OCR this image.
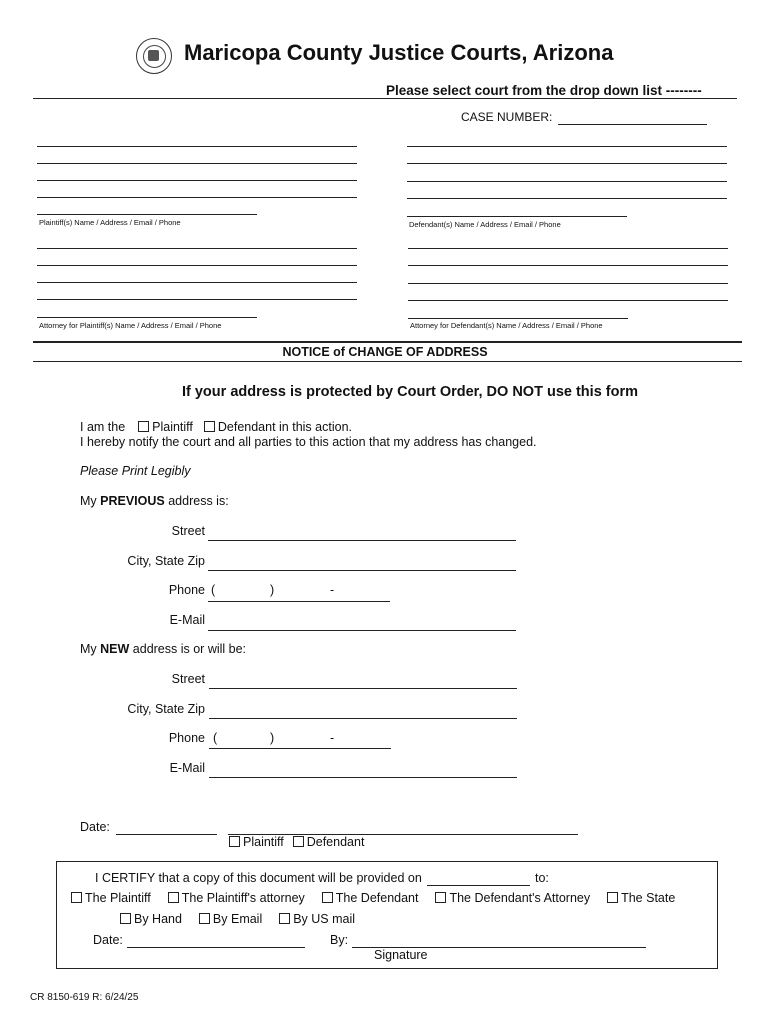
Maricopa County Justice Courts, Arizona
Please select court from the drop down list --------
CASE NUMBER:
Plaintiff(s) Name / Address / Email / Phone	Defendant(s) Name / Address / Email / Phone
Attorney for Plaintiff(s) Name / Address / Email / Phone	Attorney for Defendant(s) Name / Address / Email / Phone
NOTICE of CHANGE OF ADDRESS
If your address is protected by Court Order, DO NOT use this form
I am the Plaintiff Defendant in this action.
I hereby notify the court and all parties to this action that my address has changed.
Please Print Legibly
My PREVIOUS address is:
Street
City, State Zip
Phone (	)	-
E-Mail
My NEW address is or will be:
Street
City, State Zip
Phone (	)	-
E-Mail
Date:
Plaintiff Defendant
I CERTIFY that a copy of this document will be provided on	to:
The Plaintiff The Plaintiff's attorney The Defendant The Defendant's Attorney The State
By Hand By Email By US mail
Date:	By:
Signature
CR 8150-619 R: 6/24/25
